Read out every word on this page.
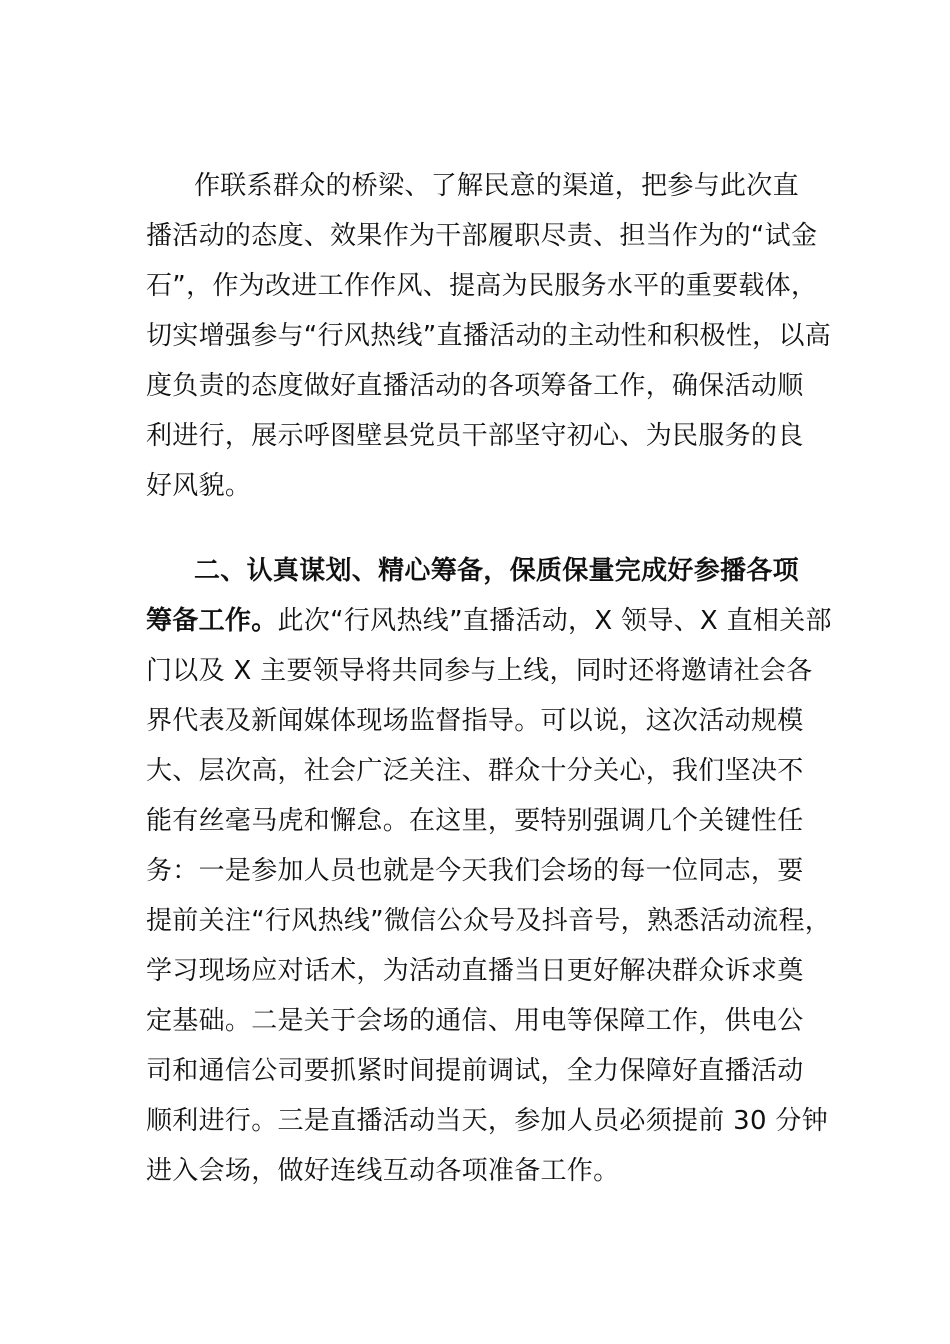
作联系群众的桥梁、了解民意的渠道，把参与此次直
播活动的态度、效果作为干部履职尽责、担当作为的“试金
石”，作为改进工作作风、提高为民服务水平的重要载体，
切实增强参与“行风热线”直播活动的主动性和积极性，以高
度负责的态度做好直播活动的各项筹备工作，确保活动顺
利进行，展示呼图壁县党员干部坚守初心、为民服务的良
好风貌。
二、认真谋划、精心筹备，保质保量完成好参播各项
筹备工作。此次“行风热线”直播活动，X 领导、X 直相关部
门以及 X 主要领导将共同参与上线，同时还将邀请社会各
界代表及新闻媒体现场监督指导。可以说，这次活动规模
大、层次高，社会广泛关注、群众十分关心，我们坚决不
能有丝毫马虎和懈怠。在这里，要特别强调几个关键性任
务：一是参加人员也就是今天我们会场的每一位同志，要
提前关注“行风热线”微信公众号及抖音号，熟悉活动流程，
学习现场应对话术，为活动直播当日更好解决群众诉求奠
定基础。二是关于会场的通信、用电等保障工作，供电公
司和通信公司要抓紧时间提前调试，全力保障好直播活动
顺利进行。三是直播活动当天，参加人员必须提前 30 分钟
进入会场，做好连线互动各项准备工作。
